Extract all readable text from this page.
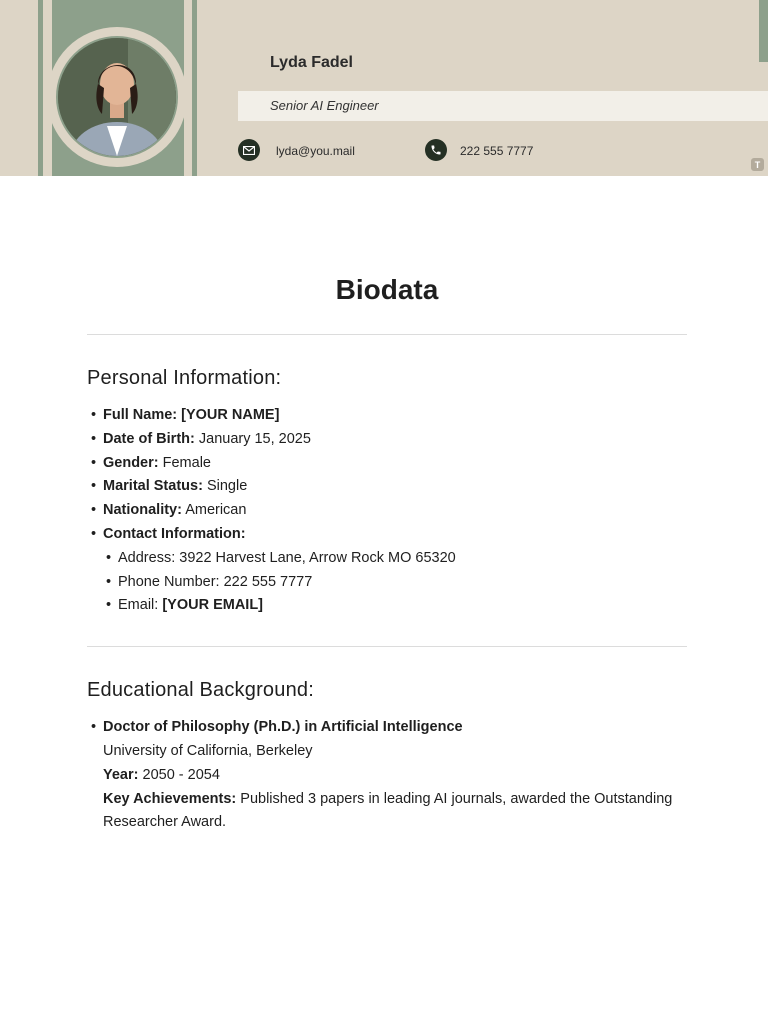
Lyda Fadel
Senior AI Engineer
lyda@you.mail	222 555 7777
T
Biodata
Personal Information:
• Full Name: [YOUR NAME]
• Date of Birth: January 15, 2025
• Gender: Female
• Marital Status: Single
• Nationality: American
• Contact Information:
• Address: 3922 Harvest Lane, Arrow Rock MO 65320
• Phone Number: 222 555 7777
• Email: [YOUR EMAIL]
Educational Background:
• Doctor of Philosophy (Ph.D.) in Artificial Intelligence
University of California, Berkeley
Year: 2050 - 2054
Key Achievements: Published 3 papers in leading AI journals, awarded the Outstanding Researcher Award.
